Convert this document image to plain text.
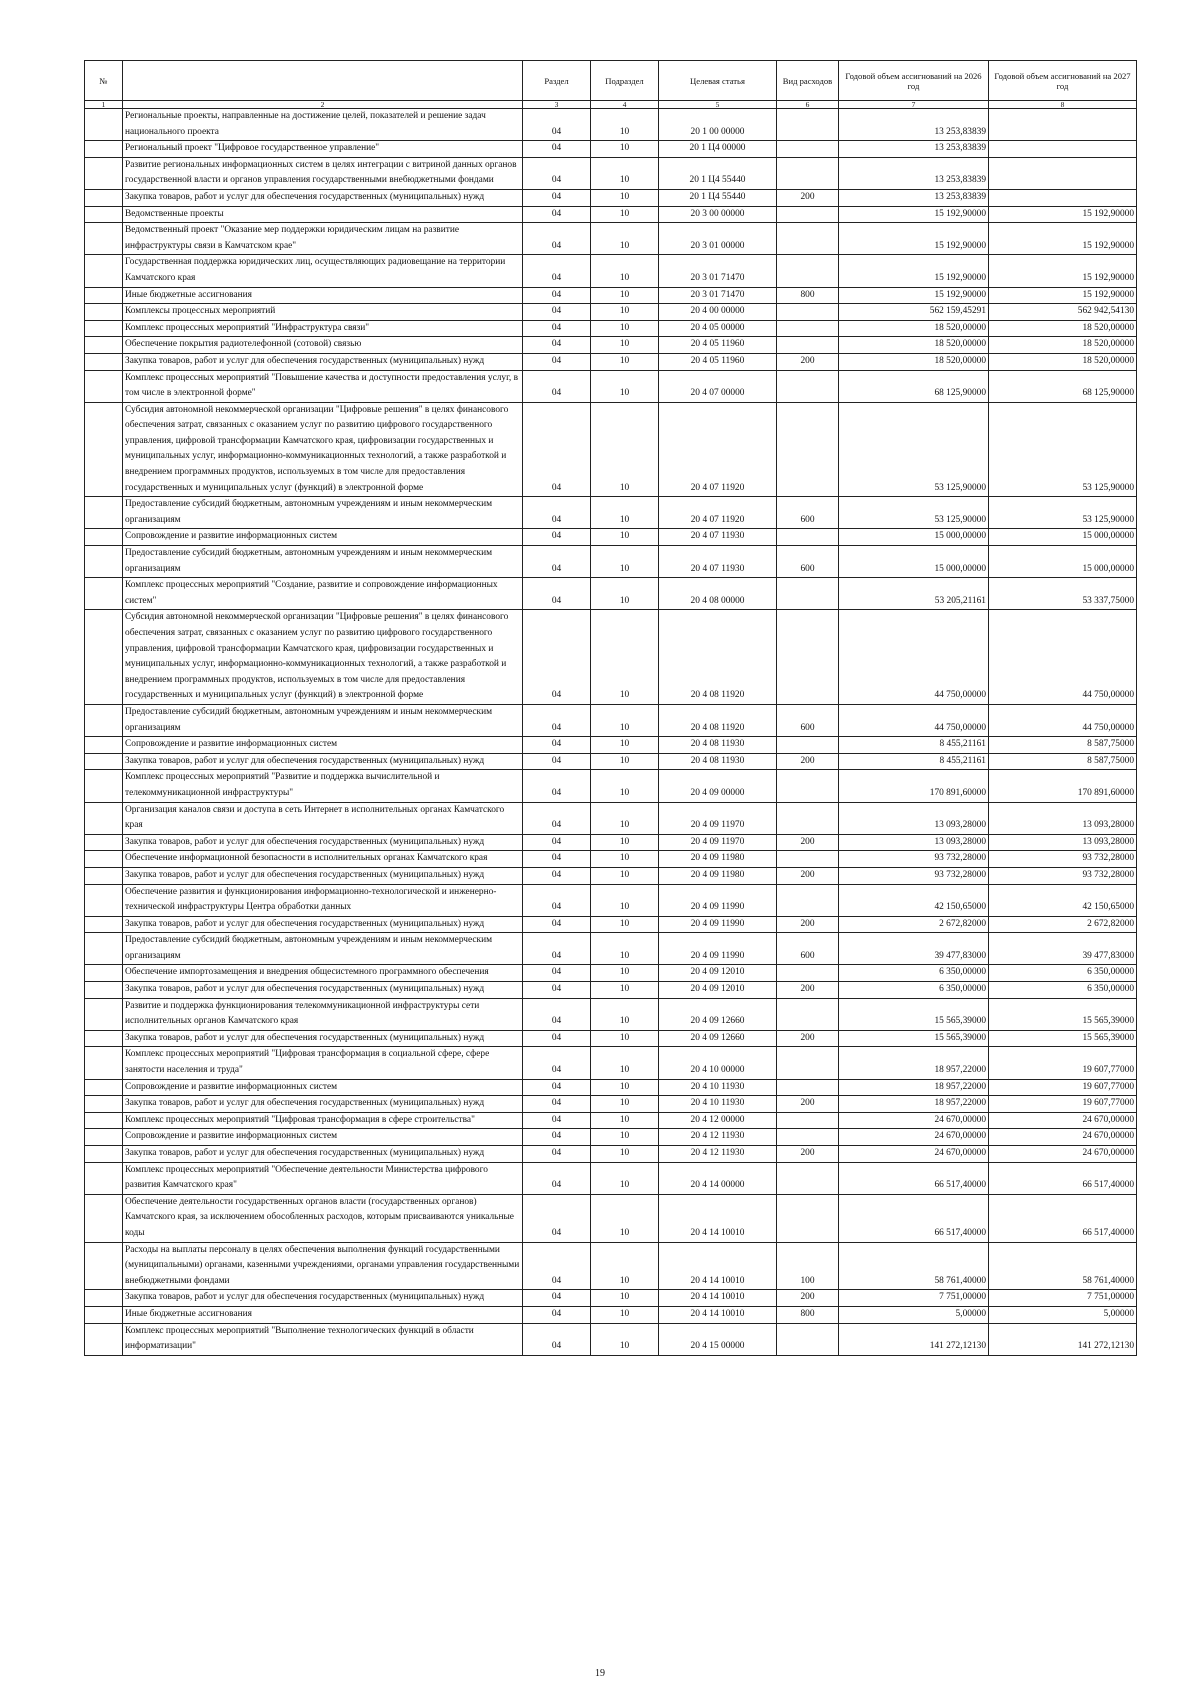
№		Раздел	Подраздел	Целевая статья	Вид расходов	Годовой объем ассигнований на 2026 год	Годовой объем ассигнований на 2027 год
1	2	3	4	5	6	7	8
	Региональные проекты, направленные на достижение целей, показателей и решение задач национального проекта	04	10	20 1 00 00000		13 253,83839	
	Региональный проект "Цифровое государственное управление"	04	10	20 1 Ц4 00000		13 253,83839	
	Развитие региональных информационных систем в целях интеграции с витриной данных органов государственной власти и органов управления государственными внебюджетными фондами	04	10	20 1 Ц4 55440		13 253,83839	
	Закупка товаров, работ и услуг для обеспечения государственных (муниципальных) нужд	04	10	20 1 Ц4 55440	200	13 253,83839	
	Ведомственные проекты	04	10	20 3 00 00000		15 192,90000	15 192,90000
	Ведомственный проект "Оказание мер поддержки юридическим лицам на развитие инфраструктуры связи в Камчатском крае"	04	10	20 3 01 00000		15 192,90000	15 192,90000
	Государственная поддержка юридических лиц, осуществляющих радиовещание на территории Камчатского края	04	10	20 3 01 71470		15 192,90000	15 192,90000
	Иные бюджетные ассигнования	04	10	20 3 01 71470	800	15 192,90000	15 192,90000
	Комплексы процессных мероприятий	04	10	20 4 00 00000		562 159,45291	562 942,54130
	Комплекс процессных мероприятий "Инфраструктура связи"	04	10	20 4 05 00000		18 520,00000	18 520,00000
	Обеспечение покрытия радиотелефонной (сотовой) связью	04	10	20 4 05 11960		18 520,00000	18 520,00000
	Закупка товаров, работ и услуг для обеспечения государственных (муниципальных) нужд	04	10	20 4 05 11960	200	18 520,00000	18 520,00000
	Комплекс процессных мероприятий "Повышение качества и доступности предоставления услуг, в том числе в электронной форме"	04	10	20 4 07 00000		68 125,90000	68 125,90000
	Субсидия автономной некоммерческой организации "Цифровые решения" в целях финансового обеспечения затрат, связанных с оказанием услуг по развитию цифрового государственного управления, цифровой трансформации Камчатского края, цифровизации государственных и муниципальных услуг, информационно-коммуникационных технологий, а также разработкой и внедрением программных продуктов, используемых в том числе для предоставления государственных и муниципальных услуг (функций) в электронной форме	04	10	20 4 07 11920		53 125,90000	53 125,90000
	Предоставление субсидий бюджетным, автономным учреждениям и иным некоммерческим организациям	04	10	20 4 07 11920	600	53 125,90000	53 125,90000
	Сопровождение и развитие информационных систем	04	10	20 4 07 11930		15 000,00000	15 000,00000
	Предоставление субсидий бюджетным, автономным учреждениям и иным некоммерческим организациям	04	10	20 4 07 11930	600	15 000,00000	15 000,00000
	Комплекс процессных мероприятий "Создание, развитие и сопровождение информационных систем"	04	10	20 4 08 00000		53 205,21161	53 337,75000
	Субсидия автономной некоммерческой организации "Цифровые решения" в целях финансового обеспечения затрат, связанных с оказанием услуг по развитию цифрового государственного управления, цифровой трансформации Камчатского края, цифровизации государственных и муниципальных услуг, информационно-коммуникационных технологий, а также разработкой и внедрением программных продуктов, используемых в том числе для предоставления государственных и муниципальных услуг (функций) в электронной форме	04	10	20 4 08 11920		44 750,00000	44 750,00000
	Предоставление субсидий бюджетным, автономным учреждениям и иным некоммерческим организациям	04	10	20 4 08 11920	600	44 750,00000	44 750,00000
	Сопровождение и развитие информационных систем	04	10	20 4 08 11930		8 455,21161	8 587,75000
	Закупка товаров, работ и услуг для обеспечения государственных (муниципальных) нужд	04	10	20 4 08 11930	200	8 455,21161	8 587,75000
	Комплекс процессных мероприятий "Развитие и поддержка вычислительной и телекоммуникационной инфраструктуры"	04	10	20 4 09 00000		170 891,60000	170 891,60000
	Организация каналов связи и доступа в сеть Интернет в исполнительных органах Камчатского края	04	10	20 4 09 11970		13 093,28000	13 093,28000
	Закупка товаров, работ и услуг для обеспечения государственных (муниципальных) нужд	04	10	20 4 09 11970	200	13 093,28000	13 093,28000
	Обеспечение информационной безопасности в исполнительных органах Камчатского края	04	10	20 4 09 11980		93 732,28000	93 732,28000
	Закупка товаров, работ и услуг для обеспечения государственных (муниципальных) нужд	04	10	20 4 09 11980	200	93 732,28000	93 732,28000
	Обеспечение развития и функционирования информационно-технологической и инженерно-технической инфраструктуры Центра обработки данных	04	10	20 4 09 11990		42 150,65000	42 150,65000
	Закупка товаров, работ и услуг для обеспечения государственных (муниципальных) нужд	04	10	20 4 09 11990	200	2 672,82000	2 672,82000
	Предоставление субсидий бюджетным, автономным учреждениям и иным некоммерческим организациям	04	10	20 4 09 11990	600	39 477,83000	39 477,83000
	Обеспечение импортозамещения и внедрения общесистемного программного обеспечения	04	10	20 4 09 12010		6 350,00000	6 350,00000
	Закупка товаров, работ и услуг для обеспечения государственных (муниципальных) нужд	04	10	20 4 09 12010	200	6 350,00000	6 350,00000
	Развитие и поддержка функционирования телекоммуникационной инфраструктуры сети исполнительных органов Камчатского края	04	10	20 4 09 12660		15 565,39000	15 565,39000
	Закупка товаров, работ и услуг для обеспечения государственных (муниципальных) нужд	04	10	20 4 09 12660	200	15 565,39000	15 565,39000
	Комплекс процессных мероприятий "Цифровая трансформация в социальной сфере, сфере занятости населения и труда"	04	10	20 4 10 00000		18 957,22000	19 607,77000
	Сопровождение и развитие информационных систем	04	10	20 4 10 11930		18 957,22000	19 607,77000
	Закупка товаров, работ и услуг для обеспечения государственных (муниципальных) нужд	04	10	20 4 10 11930	200	18 957,22000	19 607,77000
	Комплекс процессных мероприятий "Цифровая трансформация в сфере строительства"	04	10	20 4 12 00000		24 670,00000	24 670,00000
	Сопровождение и развитие информационных систем	04	10	20 4 12 11930		24 670,00000	24 670,00000
	Закупка товаров, работ и услуг для обеспечения государственных (муниципальных) нужд	04	10	20 4 12 11930	200	24 670,00000	24 670,00000
	Комплекс процессных мероприятий "Обеспечение деятельности Министерства цифрового развития Камчатского края"	04	10	20 4 14 00000		66 517,40000	66 517,40000
	Обеспечение деятельности государственных органов власти (государственных органов) Камчатского края, за исключением обособленных расходов, которым присваиваются уникальные коды	04	10	20 4 14 10010		66 517,40000	66 517,40000
	Расходы на выплаты персоналу в целях обеспечения выполнения функций государственными (муниципальными) органами, казенными учреждениями, органами управления государственными внебюджетными фондами	04	10	20 4 14 10010	100	58 761,40000	58 761,40000
	Закупка товаров, работ и услуг для обеспечения государственных (муниципальных) нужд	04	10	20 4 14 10010	200	7 751,00000	7 751,00000
	Иные бюджетные ассигнования	04	10	20 4 14 10010	800	5,00000	5,00000
	Комплекс процессных мероприятий "Выполнение технологических функций в области информатизации"	04	10	20 4 15 00000		141 272,12130	141 272,12130
19
